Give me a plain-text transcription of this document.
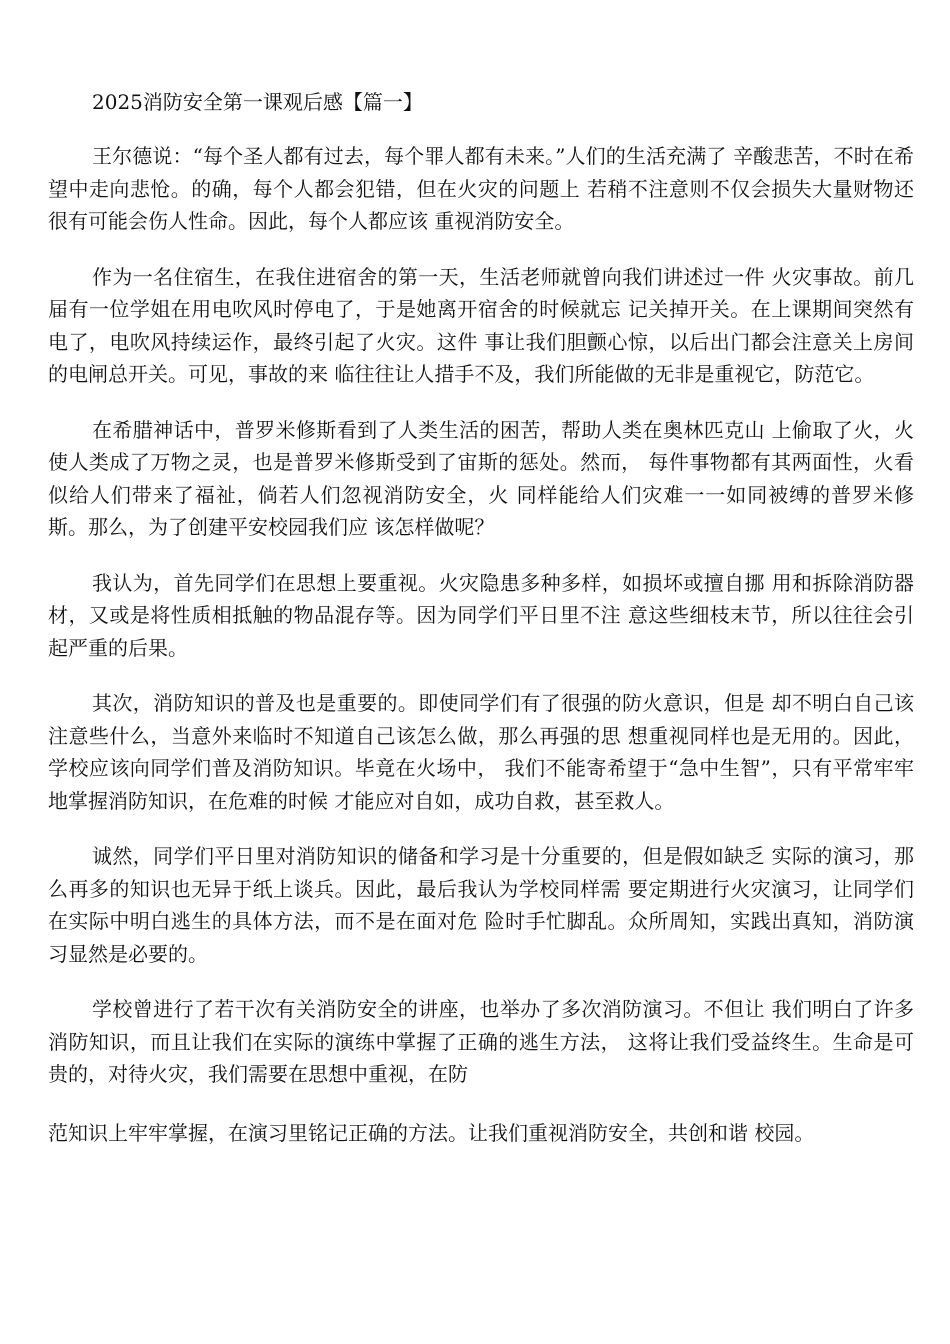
2025消防安全第一课观后感【篇一】

王尔德说：“每个圣人都有过去，每个罪人都有未来。”人们的生活充满了 辛酸悲苦，不时在希望中走向悲怆。的确，每个人都会犯错，但在火灾的问题上 若稍不注意则不仅会损失大量财物还很有可能会伤人性命。因此，每个人都应该 重视消防安全。

作为一名住宿生，在我住进宿舍的第一天，生活老师就曾向我们讲述过一件 火灾事故。前几届有一位学姐在用电吹风时停电了，于是她离开宿舍的时候就忘 记关掉开关。在上课期间突然有电了，电吹风持续运作，最终引起了火灾。这件 事让我们胆颤心惊，以后出门都会注意关上房间的电闸总开关。可见，事故的来 临往往让人措手不及，我们所能做的无非是重视它，防范它。

在希腊神话中，普罗米修斯看到了人类生活的困苦，帮助人类在奥林匹克山 上偷取了火，火使人类成了万物之灵，也是普罗米修斯受到了宙斯的惩处。然而， 每件事物都有其两面性，火看似给人们带来了福祉，倘若人们忽视消防安全，火 同样能给人们灾难一一如同被缚的普罗米修斯。那么，为了创建平安校园我们应 该怎样做呢？

我认为，首先同学们在思想上要重视。火灾隐患多种多样，如损坏或擅自挪 用和拆除消防器材，又或是将性质相抵触的物品混存等。因为同学们平日里不注 意这些细枝末节，所以往往会引起严重的后果。

其次，消防知识的普及也是重要的。即使同学们有了很强的防火意识，但是 却不明白自己该注意些什么，当意外来临时不知道自己该怎么做，那么再强的思 想重视同样也是无用的。因此，学校应该向同学们普及消防知识。毕竟在火场中， 我们不能寄希望于“急中生智”，只有平常牢牢地掌握消防知识，在危难的时候 才能应对自如，成功自救，甚至救人。

诚然，同学们平日里对消防知识的储备和学习是十分重要的，但是假如缺乏 实际的演习，那么再多的知识也无异于纸上谈兵。因此，最后我认为学校同样需 要定期进行火灾演习，让同学们在实际中明白逃生的具体方法，而不是在面对危 险时手忙脚乱。众所周知，实践出真知，消防演习显然是必要的。

学校曾进行了若干次有关消防安全的讲座，也举办了多次消防演习。不但让 我们明白了许多消防知识，而且让我们在实际的演练中掌握了正确的逃生方法， 这将让我们受益终生。生命是可贵的，对待火灾，我们需要在思想中重视，在防

范知识上牢牢掌握，在演习里铭记正确的方法。让我们重视消防安全，共创和谐 校园。
